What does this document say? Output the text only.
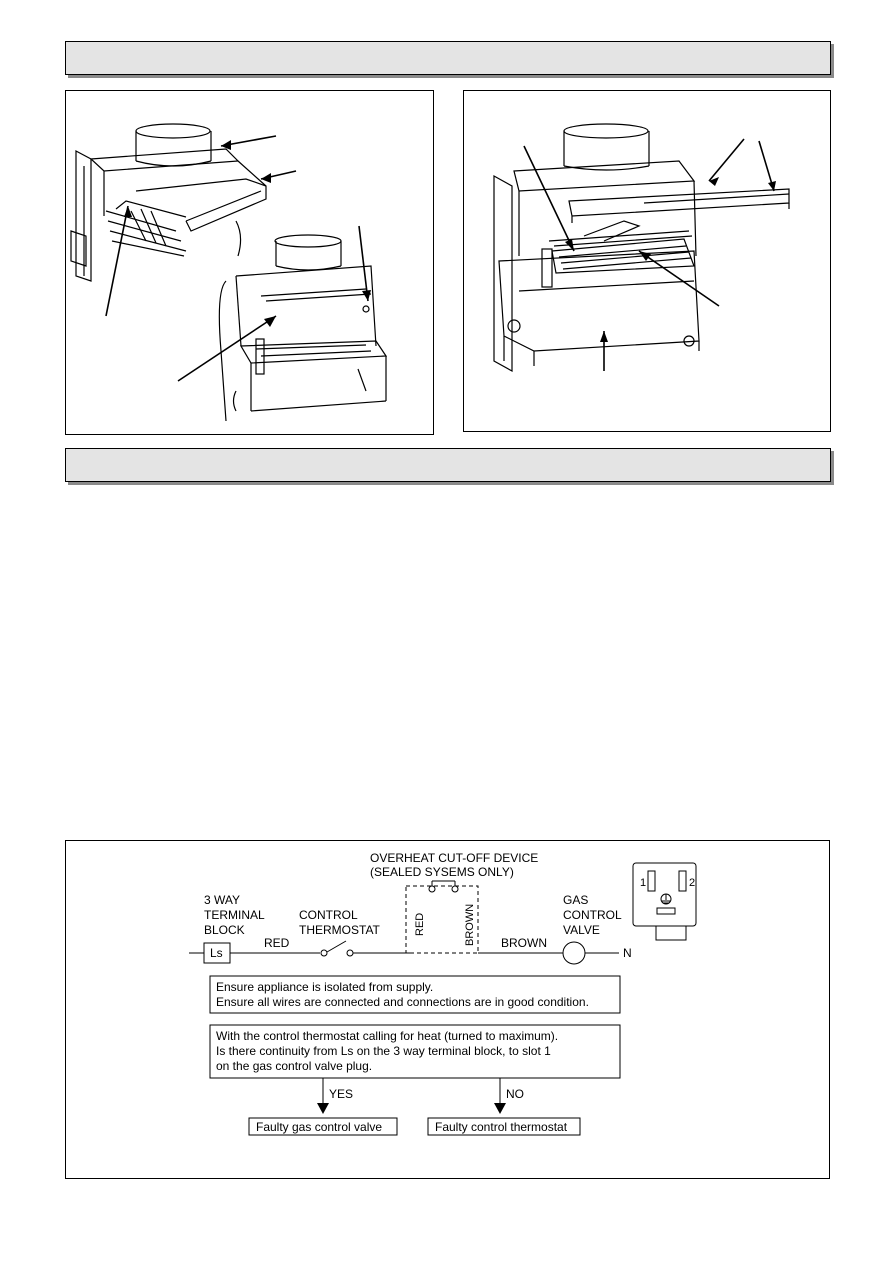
OVERHEAT CUT-OFF DEVICE
(SEALED SYSEMS ONLY)
3 WAY
TERMINAL
BLOCK
Ls
RED
CONTROL
THERMOSTAT	RED	BROWN BROWN
GAS
CONTROL
VALVE
N
1	2
Ensure appliance is isolated from supply.
Ensure all wires are connected and connections are in good condition.
With the control thermostat calling for heat (turned to maximum).
Is there continuity from Ls on the 3 way terminal block, to slot 1
on the gas control valve plug.
YES	NO
Faulty gas control valve	Faulty control thermostat
